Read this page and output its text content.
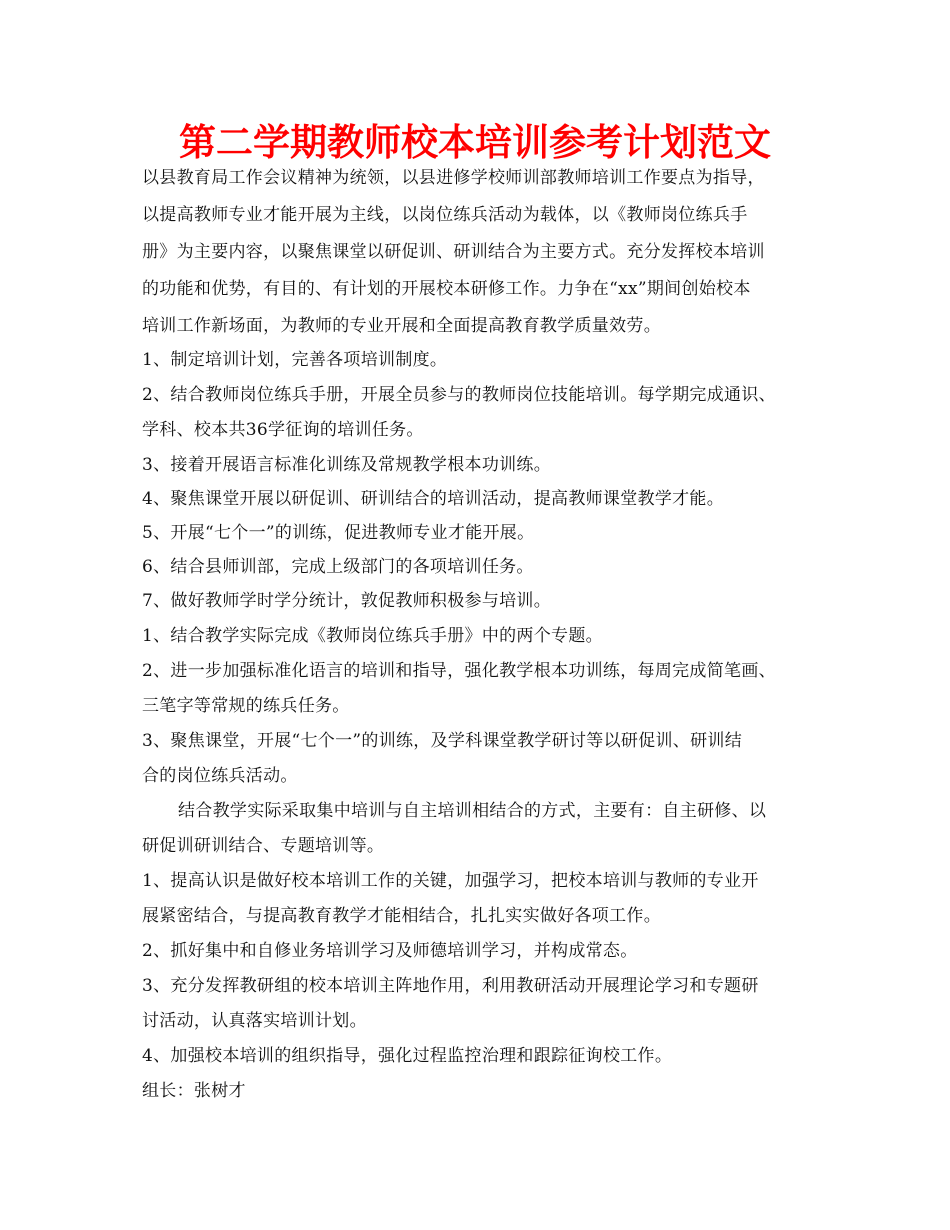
第二学期教师校本培训参考计划范文
以县教育局工作会议精神为统领，以县进修学校师训部教师培训工作要点为指导，
以提高教师专业才能开展为主线，以岗位练兵活动为载体，以《教师岗位练兵手
册》为主要内容，以聚焦课堂以研促训、研训结合为主要方式。充分发挥校本培训
的功能和优势，有目的、有计划的开展校本研修工作。力争在“xx”期间创始校本
培训工作新场面，为教师的专业开展和全面提高教育教学质量效劳。
1、制定培训计划，完善各项培训制度。
2、结合教师岗位练兵手册，开展全员参与的教师岗位技能培训。每学期完成通识、
学科、校本共36学征询的培训任务。
3、接着开展语言标准化训练及常规教学根本功训练。
4、聚焦课堂开展以研促训、研训结合的培训活动，提高教师课堂教学才能。
5、开展“七个一”的训练，促进教师专业才能开展。
6、结合县师训部，完成上级部门的各项培训任务。
7、做好教师学时学分统计，敦促教师积极参与培训。
1、结合教学实际完成《教师岗位练兵手册》中的两个专题。
2、进一步加强标准化语言的培训和指导，强化教学根本功训练，每周完成简笔画、
三笔字等常规的练兵任务。
3、聚焦课堂，开展“七个一”的训练，及学科课堂教学研讨等以研促训、研训结
合的岗位练兵活动。
结合教学实际采取集中培训与自主培训相结合的方式，主要有：自主研修、以
研促训研训结合、专题培训等。
1、提高认识是做好校本培训工作的关键，加强学习，把校本培训与教师的专业开
展紧密结合，与提高教育教学才能相结合，扎扎实实做好各项工作。
2、抓好集中和自修业务培训学习及师德培训学习，并构成常态。
3、充分发挥教研组的校本培训主阵地作用，利用教研活动开展理论学习和专题研
讨活动，认真落实培训计划。
4、加强校本培训的组织指导，强化过程监控治理和跟踪征询校工作。
组长：张树才
